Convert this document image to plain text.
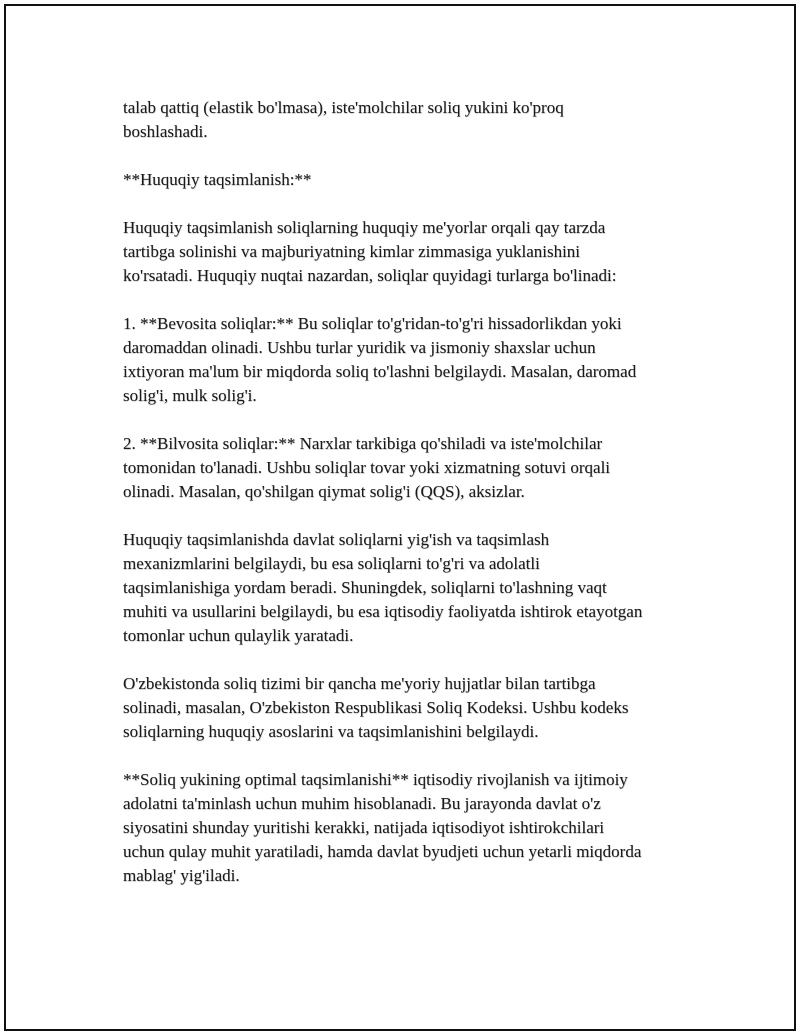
talab qattiq (elastik bo'lmasa), iste'molchilar soliq yukini ko'proq
boshlashadi.

**Huquqiy taqsimlanish:**

Huquqiy taqsimlanish soliqlarning huquqiy me'yorlar orqali qay tarzda
tartibga solinishi va majburiyatning kimlar zimmasiga yuklanishini
ko'rsatadi. Huquqiy nuqtai nazardan, soliqlar quyidagi turlarga bo'linadi:

1. **Bevosita soliqlar:** Bu soliqlar to'g'ridan-to'g'ri hissadorlikdan yoki
daromaddan olinadi. Ushbu turlar yuridik va jismoniy shaxslar uchun
ixtiyoran ma'lum bir miqdorda soliq to'lashni belgilaydi. Masalan, daromad
solig'i, mulk solig'i.

2. **Bilvosita soliqlar:** Narxlar tarkibiga qo'shiladi va iste'molchilar
tomonidan to'lanadi. Ushbu soliqlar tovar yoki xizmatning sotuvi orqali
olinadi. Masalan, qo'shilgan qiymat solig'i (QQS), aksizlar.

Huquqiy taqsimlanishda davlat soliqlarni yig'ish va taqsimlash
mexanizmlarini belgilaydi, bu esa soliqlarni to'g'ri va adolatli
taqsimlanishiga yordam beradi. Shuningdek, soliqlarni to'lashning vaqt
muhiti va usullarini belgilaydi, bu esa iqtisodiy faoliyatda ishtirok etayotgan
tomonlar uchun qulaylik yaratadi.

O'zbekistonda soliq tizimi bir qancha me'yoriy hujjatlar bilan tartibga
solinadi, masalan, O'zbekiston Respublikasi Soliq Kodeksi. Ushbu kodeks
soliqlarning huquqiy asoslarini va taqsimlanishini belgilaydi.

**Soliq yukining optimal taqsimlanishi** iqtisodiy rivojlanish va ijtimoiy
adolatni ta'minlash uchun muhim hisoblanadi. Bu jarayonda davlat o'z
siyosatini shunday yuritishi kerakki, natijada iqtisodiyot ishtirokchilari
uchun qulay muhit yaratiladi, hamda davlat byudjeti uchun yetarli miqdorda
mablag' yig'iladi.
